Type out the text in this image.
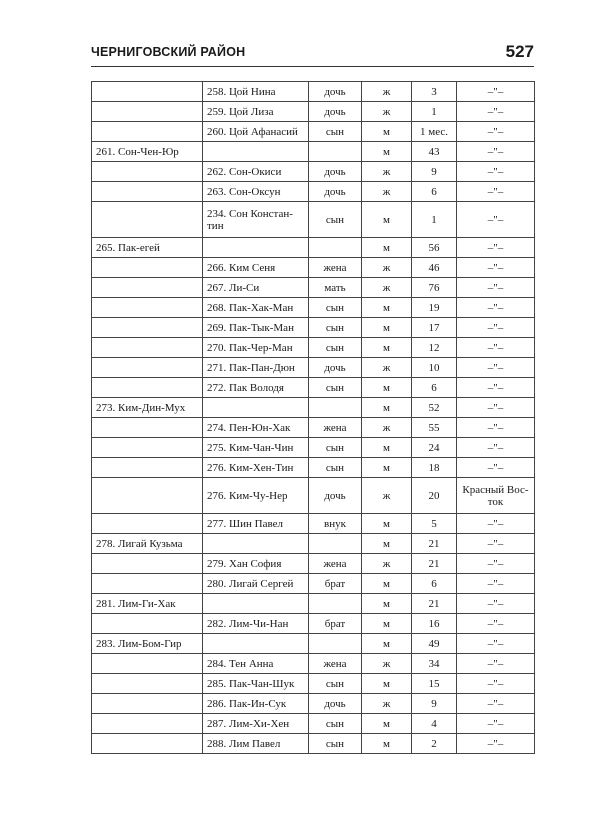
ЧЕРНИГОВСКИЙ РАЙОН	527
	258. Цой Нина	дочь	ж	3	–"–
	259. Цой Лиза	дочь	ж	1	–"–
	260. Цой Афанасий	сын	м	1 мес.	–"–
261. Сон-Чен-Юр			м	43	–"–
	262. Сон-Окиси	дочь	ж	9	–"–
	263. Сон-Оксун	дочь	ж	6	–"–
	234. Сон Констан-тин	сын	м	1	–"–
265. Пак-егей			м	56	–"–
	266. Ким Сеня	жена	ж	46	–"–
	267. Ли-Си	мать	ж	76	–"–
	268. Пак-Хак-Ман	сын	м	19	–"–
	269. Пак-Тык-Ман	сын	м	17	–"–
	270. Пак-Чер-Ман	сын	м	12	–"–
	271. Пак-Пан-Дюн	дочь	ж	10	–"–
	272. Пак Володя	сын	м	6	–"–
273. Ким-Дин-Мух			м	52	–"–
	274. Пен-Юн-Хак	жена	ж	55	–"–
	275. Ким-Чан-Чин	сын	м	24	–"–
	276. Ким-Хен-Тин	сын	м	18	–"–
	276. Ким-Чу-Нер	дочь	ж	20	Красный Вос-ток
	277. Шин Павел	внук	м	5	–"–
278. Лигай Кузьма			м	21	–"–
	279. Хан София	жена	ж	21	–"–
	280. Лигай Сергей	брат	м	6	–"–
281. Лим-Ги-Хак			м	21	–"–
	282. Лим-Чи-Нан	брат	м	16	–"–
283. Лим-Бом-Гир			м	49	–"–
	284. Тен Анна	жена	ж	34	–"–
	285. Пак-Чан-Шук	сын	м	15	–"–
	286. Пак-Ин-Сук	дочь	ж	9	–"–
	287. Лим-Хи-Хен	сын	м	4	–"–
	288. Лим Павел	сын	м	2	–"–
